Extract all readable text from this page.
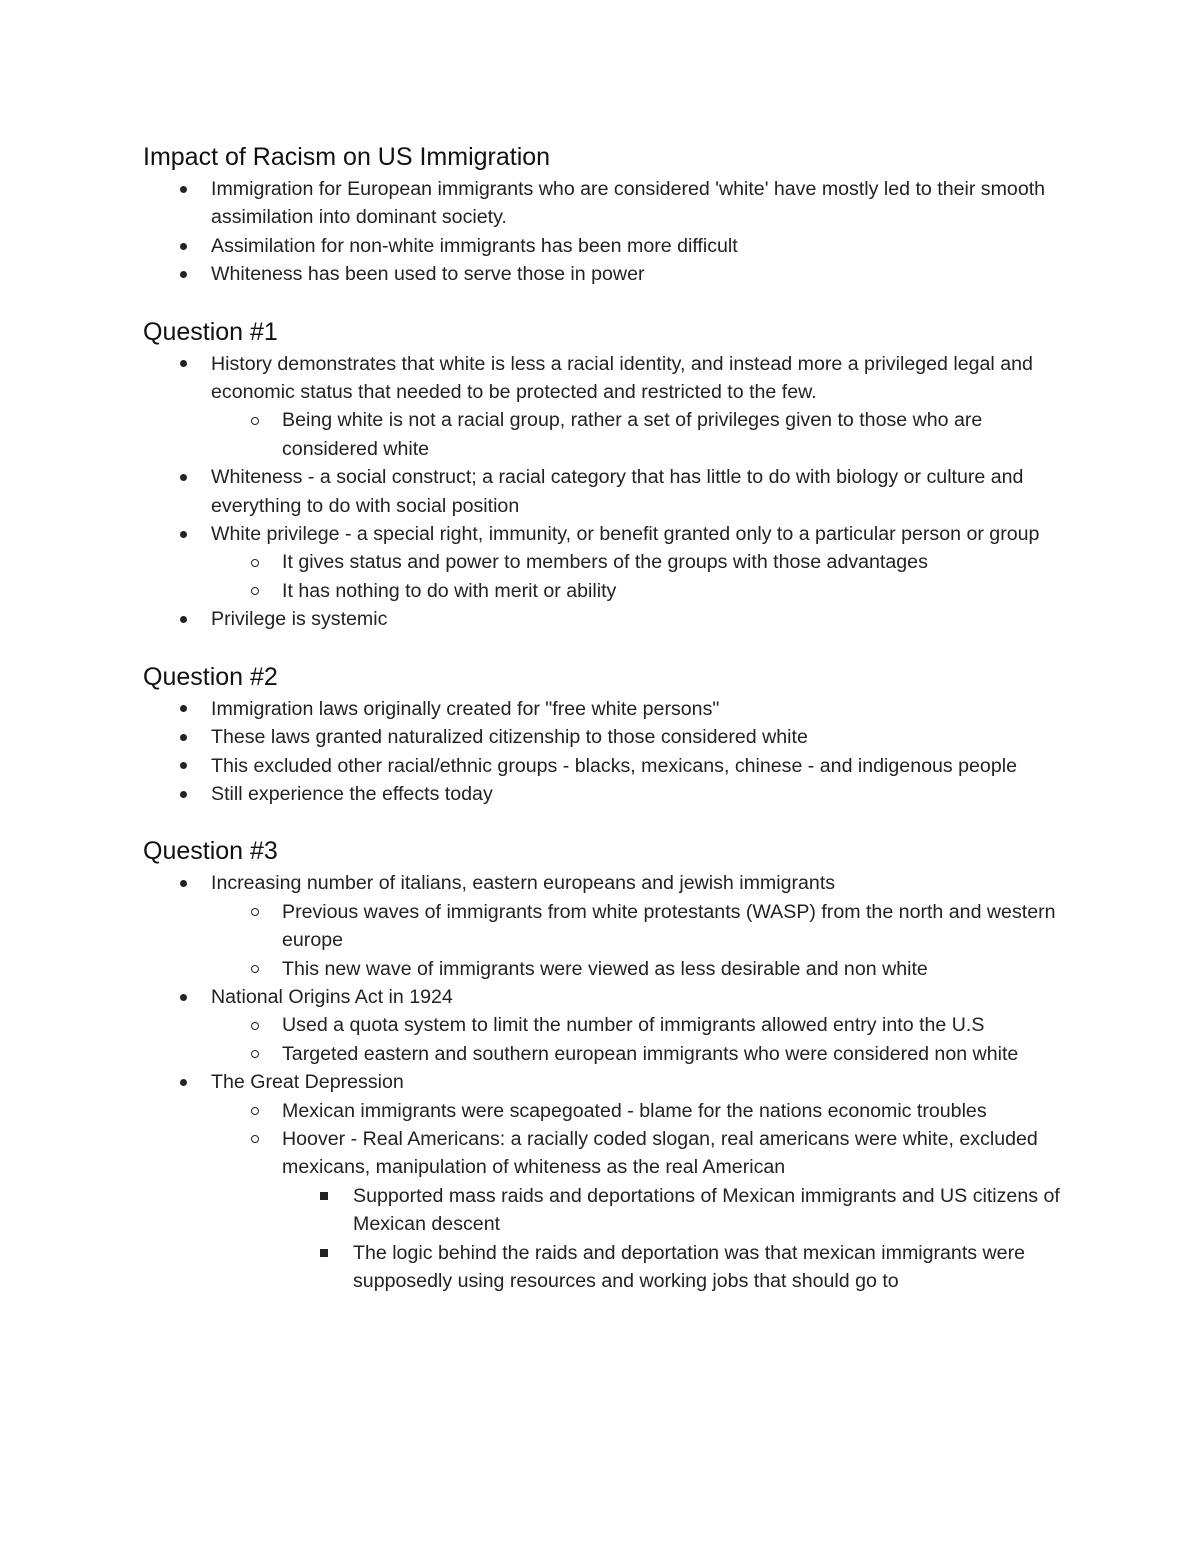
Impact of Racism on US Immigration
Immigration for European immigrants who are considered 'white' have mostly led to their smooth assimilation into dominant society.
Assimilation for non-white immigrants has been more difficult
Whiteness has been used to serve those in power
Question #1
History demonstrates that white is less a racial identity, and instead more a privileged legal and economic status that needed to be protected and restricted to the few.
Being white is not a racial group, rather a set of privileges given to those who are considered white
Whiteness - a social construct; a racial category that has little to do with biology or culture and everything to do with social position
White privilege - a special right, immunity, or benefit granted only to a particular person or group
It gives status and power to members of the groups with those advantages
It has nothing to do with merit or ability
Privilege is systemic
Question #2
Immigration laws originally created for "free white persons"
These laws granted naturalized citizenship to those considered white
This excluded other racial/ethnic groups - blacks, mexicans, chinese - and indigenous people
Still experience the effects today
Question #3
Increasing number of italians, eastern europeans and jewish immigrants
Previous waves of immigrants from white protestants (WASP) from the north and western europe
This new wave of immigrants were viewed as less desirable and non white
National Origins Act in 1924
Used a quota system to limit the number of immigrants allowed entry into the U.S
Targeted eastern and southern european immigrants who were considered non white
The Great Depression
Mexican immigrants were scapegoated - blame for the nations economic troubles
Hoover - Real Americans: a racially coded slogan, real americans were white, excluded mexicans, manipulation of whiteness as the real American
Supported mass raids and deportations of Mexican immigrants and US citizens of Mexican descent
The logic behind the raids and deportation was that mexican immigrants were supposedly using resources and working jobs that should go to
